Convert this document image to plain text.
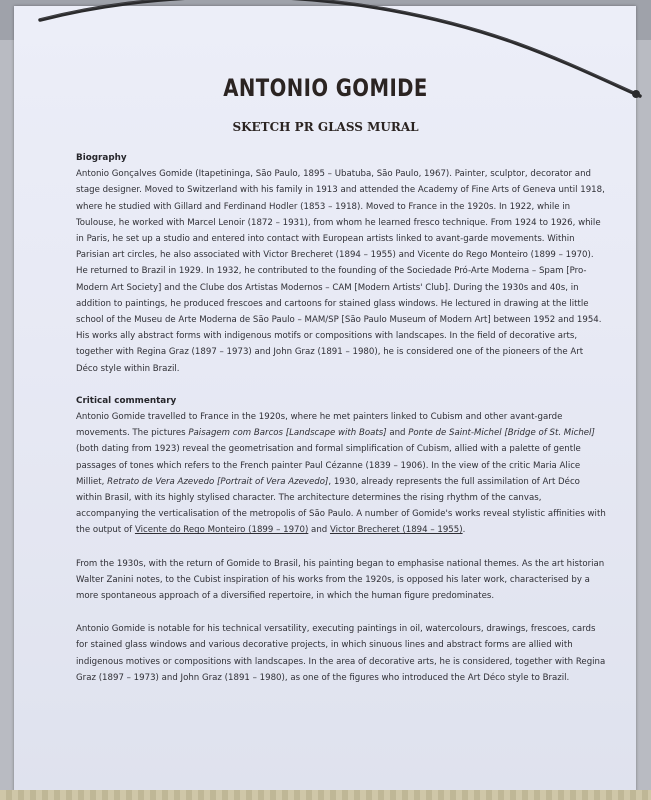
ANTONIO GOMIDE
SKETCH PR GLASS MURAL

Biography

Antonio Gonçalves Gomide (Itapetininga, São Paulo, 1895 – Ubatuba, São Paulo, 1967). Painter, sculptor, decorator and stage designer. Moved to Switzerland with his family in 1913 and attended the Academy of Fine Arts of Geneva until 1918, where he studied with Gillard and Ferdinand Hodler (1853 – 1918). Moved to France in the 1920s. In 1922, while in Toulouse, he worked with Marcel Lenoir (1872 – 1931), from whom he learned fresco technique. From 1924 to 1926, while in Paris, he set up a studio and entered into contact with European artists linked to avant-garde movements. Within Parisian art circles, he also associated with Victor Brecheret (1894 – 1955) and Vicente do Rego Monteiro (1899 – 1970). He returned to Brazil in 1929. In 1932, he contributed to the founding of the Sociedade Pró-Arte Moderna – Spam [Pro-Modern Art Society] and the Clube dos Artistas Modernos – CAM [Modern Artists' Club]. During the 1930s and 40s, in addition to paintings, he produced frescoes and cartoons for stained glass windows. He lectured in drawing at the little school of the Museu de Arte Moderna de São Paulo – MAM/SP [São Paulo Museum of Modern Art] between 1952 and 1954. His works ally abstract forms with indigenous motifs or compositions with landscapes. In the field of decorative arts, together with Regina Graz (1897 – 1973) and John Graz (1891 – 1980), he is considered one of the pioneers of the Art Déco style within Brazil.

Critical commentary

Antonio Gomide travelled to France in the 1920s, where he met painters linked to Cubism and other avant-garde movements. The pictures Paisagem com Barcos [Landscape with Boats] and Ponte de Saint-Michel [Bridge of St. Michel] (both dating from 1923) reveal the geometrisation and formal simplification of Cubism, allied with a palette of gentle passages of tones which refers to the French painter Paul Cézanne (1839 – 1906). In the view of the critic Maria Alice Milliet, Retrato de Vera Azevedo [Portrait of Vera Azevedo], 1930, already represents the full assimilation of Art Déco within Brasil, with its highly stylised character. The architecture determines the rising rhythm of the canvas, accompanying the verticalisation of the metropolis of São Paulo. A number of Gomide's works reveal stylistic affinities with the output of Vicente do Rego Monteiro (1899 – 1970) and Victor Brecheret (1894 – 1955).

From the 1930s, with the return of Gomide to Brasil, his painting began to emphasise national themes. As the art historian Walter Zanini notes, to the Cubist inspiration of his works from the 1920s, is opposed his later work, characterised by a more spontaneous approach of a diversified repertoire, in which the human figure predominates.

Antonio Gomide is notable for his technical versatility, executing paintings in oil, watercolours, drawings, frescoes, cards for stained glass windows and various decorative projects, in which sinuous lines and abstract forms are allied with indigenous motives or compositions with landscapes. In the area of decorative arts, he is considered, together with Regina Graz (1897 – 1973) and John Graz (1891 – 1980), as one of the figures who introduced the Art Déco style to Brazil.
